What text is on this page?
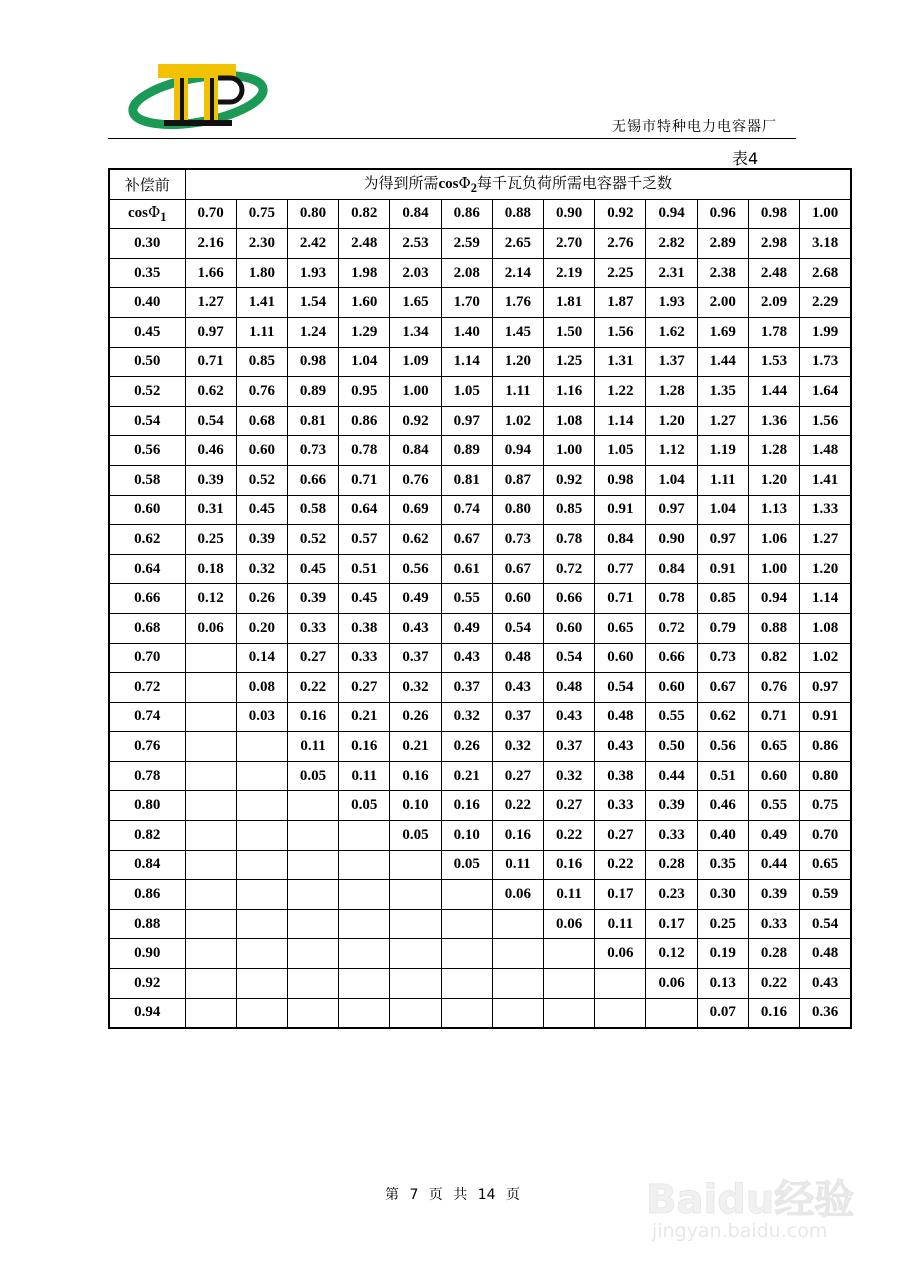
无锡市特种电力电容器厂
表4
补偿前	为得到所需cosΦ$_2$每千瓦负荷所需电容器千乏数												
cosΦ$_1$	0.70	0.75	0.80	0.82	0.84	0.86	0.88	0.90	0.92	0.94	0.96	0.98	1.00
0.30	2.16	2.30	2.42	2.48	2.53	2.59	2.65	2.70	2.76	2.82	2.89	2.98	3.18
0.35	1.66	1.80	1.93	1.98	2.03	2.08	2.14	2.19	2.25	2.31	2.38	2.48	2.68
0.40	1.27	1.41	1.54	1.60	1.65	1.70	1.76	1.81	1.87	1.93	2.00	2.09	2.29
0.45	0.97	1.11	1.24	1.29	1.34	1.40	1.45	1.50	1.56	1.62	1.69	1.78	1.99
0.50	0.71	0.85	0.98	1.04	1.09	1.14	1.20	1.25	1.31	1.37	1.44	1.53	1.73
0.52	0.62	0.76	0.89	0.95	1.00	1.05	1.11	1.16	1.22	1.28	1.35	1.44	1.64
0.54	0.54	0.68	0.81	0.86	0.92	0.97	1.02	1.08	1.14	1.20	1.27	1.36	1.56
0.56	0.46	0.60	0.73	0.78	0.84	0.89	0.94	1.00	1.05	1.12	1.19	1.28	1.48
0.58	0.39	0.52	0.66	0.71	0.76	0.81	0.87	0.92	0.98	1.04	1.11	1.20	1.41
0.60	0.31	0.45	0.58	0.64	0.69	0.74	0.80	0.85	0.91	0.97	1.04	1.13	1.33
0.62	0.25	0.39	0.52	0.57	0.62	0.67	0.73	0.78	0.84	0.90	0.97	1.06	1.27
0.64	0.18	0.32	0.45	0.51	0.56	0.61	0.67	0.72	0.77	0.84	0.91	1.00	1.20
0.66	0.12	0.26	0.39	0.45	0.49	0.55	0.60	0.66	0.71	0.78	0.85	0.94	1.14
0.68	0.06	0.20	0.33	0.38	0.43	0.49	0.54	0.60	0.65	0.72	0.79	0.88	1.08
0.70		0.14	0.27	0.33	0.37	0.43	0.48	0.54	0.60	0.66	0.73	0.82	1.02
0.72		0.08	0.22	0.27	0.32	0.37	0.43	0.48	0.54	0.60	0.67	0.76	0.97
0.74		0.03	0.16	0.21	0.26	0.32	0.37	0.43	0.48	0.55	0.62	0.71	0.91
0.76			0.11	0.16	0.21	0.26	0.32	0.37	0.43	0.50	0.56	0.65	0.86
0.78			0.05	0.11	0.16	0.21	0.27	0.32	0.38	0.44	0.51	0.60	0.80
0.80				0.05	0.10	0.16	0.22	0.27	0.33	0.39	0.46	0.55	0.75
0.82					0.05	0.10	0.16	0.22	0.27	0.33	0.40	0.49	0.70
0.84						0.05	0.11	0.16	0.22	0.28	0.35	0.44	0.65
0.86							0.06	0.11	0.17	0.23	0.30	0.39	0.59
0.88								0.06	0.11	0.17	0.25	0.33	0.54
0.90									0.06	0.12	0.19	0.28	0.48
0.92										0.06	0.13	0.22	0.43
0.94											0.07	0.16	0.36
第 7 页 共 14 页	Baidu经验
jingyan.baidu.com
